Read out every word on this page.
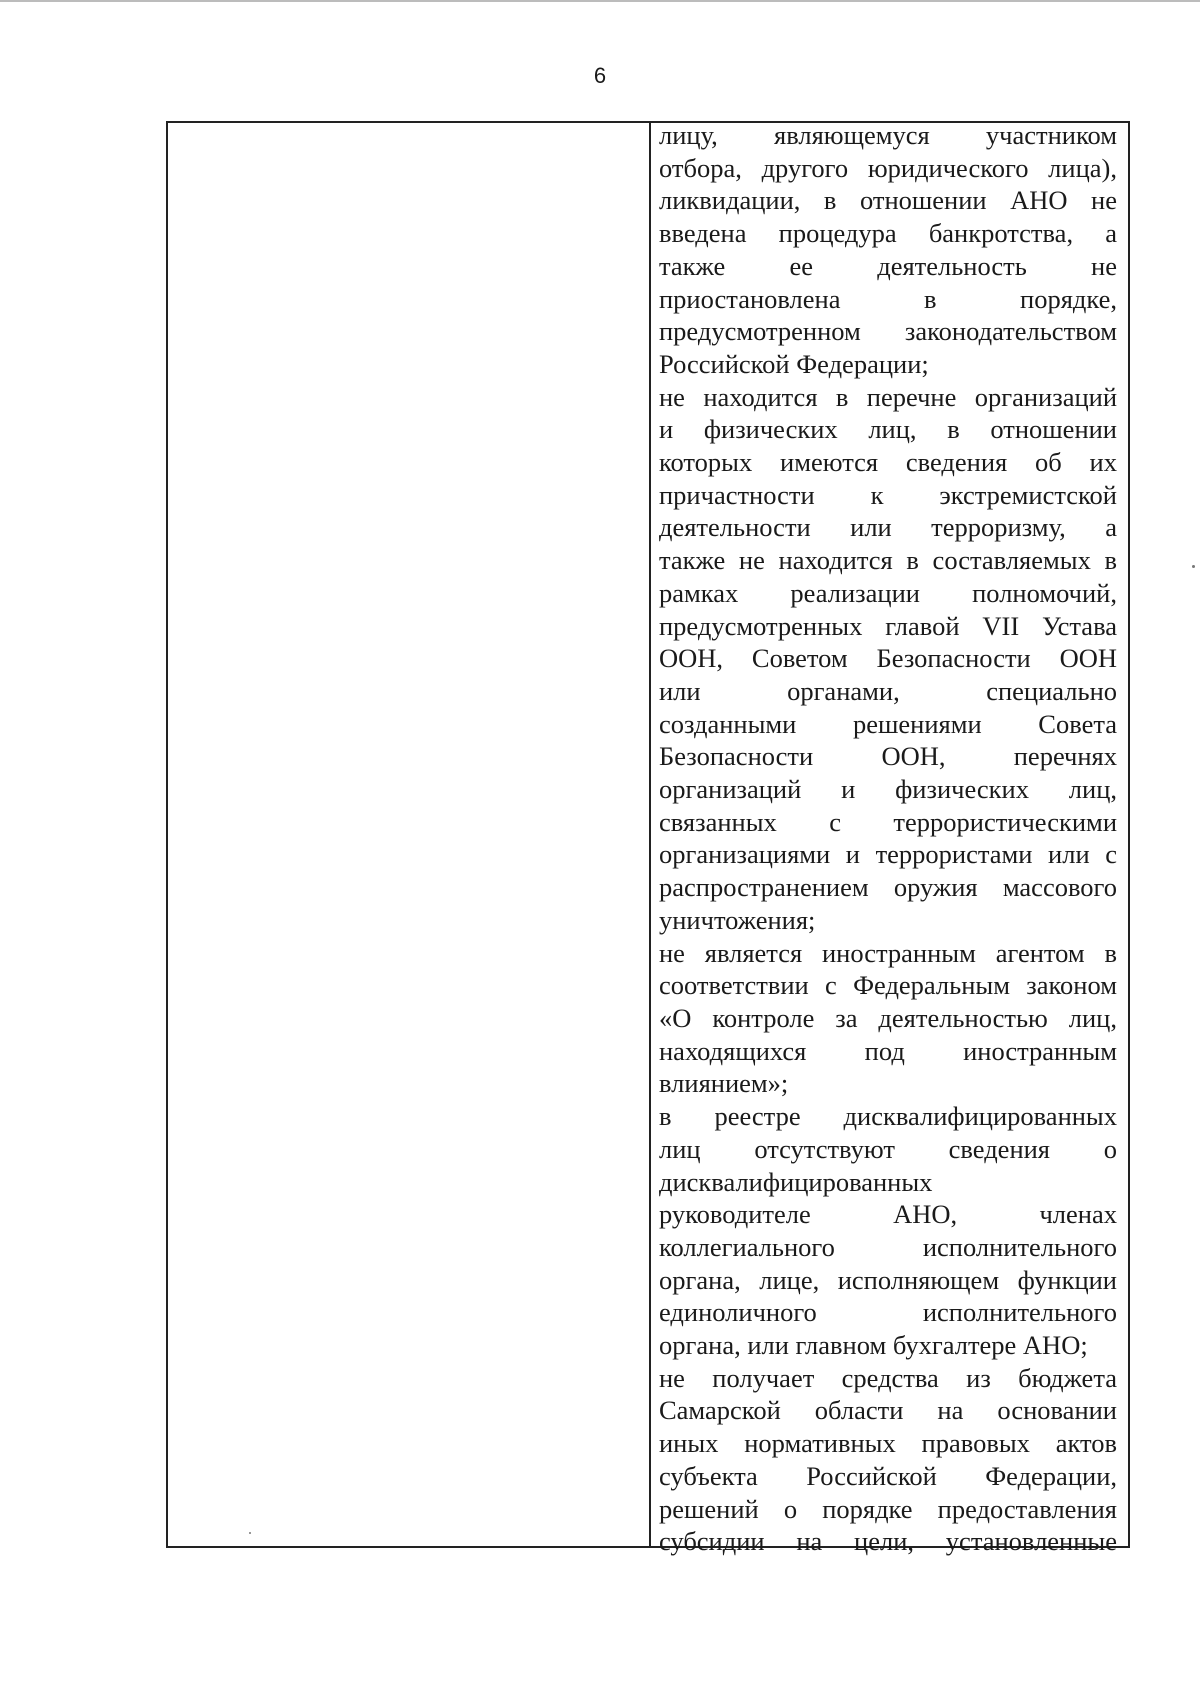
6
лицу, являющемуся участником
отбора, другого юридического лица),
ликвидации, в отношении АНО не
введена процедура банкротства, а
также ее деятельность не
приостановлена в порядке,
предусмотренном законодательством
Российской Федерации;
не находится в перечне организаций
и физических лиц, в отношении
которых имеются сведения об их
причастности к экстремистской
деятельности или терроризму, а
также не находится в составляемых в
рамках реализации полномочий,
предусмотренных главой VII Устава
ООН, Советом Безопасности ООН
или органами, специально
созданными решениями Совета
Безопасности ООН, перечнях
организаций и физических лиц,
связанных с террористическими
организациями и террористами или с
распространением оружия массового
уничтожения;
не является иностранным агентом в
соответствии с Федеральным законом
«О контроле за деятельностью лиц,
находящихся под иностранным
влиянием»;
в реестре дисквалифицированных
лиц отсутствуют сведения о
дисквалифицированных
руководителе АНО, членах
коллегиального исполнительного
органа, лице, исполняющем функции
единоличного исполнительного
органа, или главном бухгалтере АНО;
не получает средства из бюджета
Самарской области на основании
иных нормативных правовых актов
субъекта Российской Федерации,
решений о порядке предоставления
субсидии на цели, установленные
